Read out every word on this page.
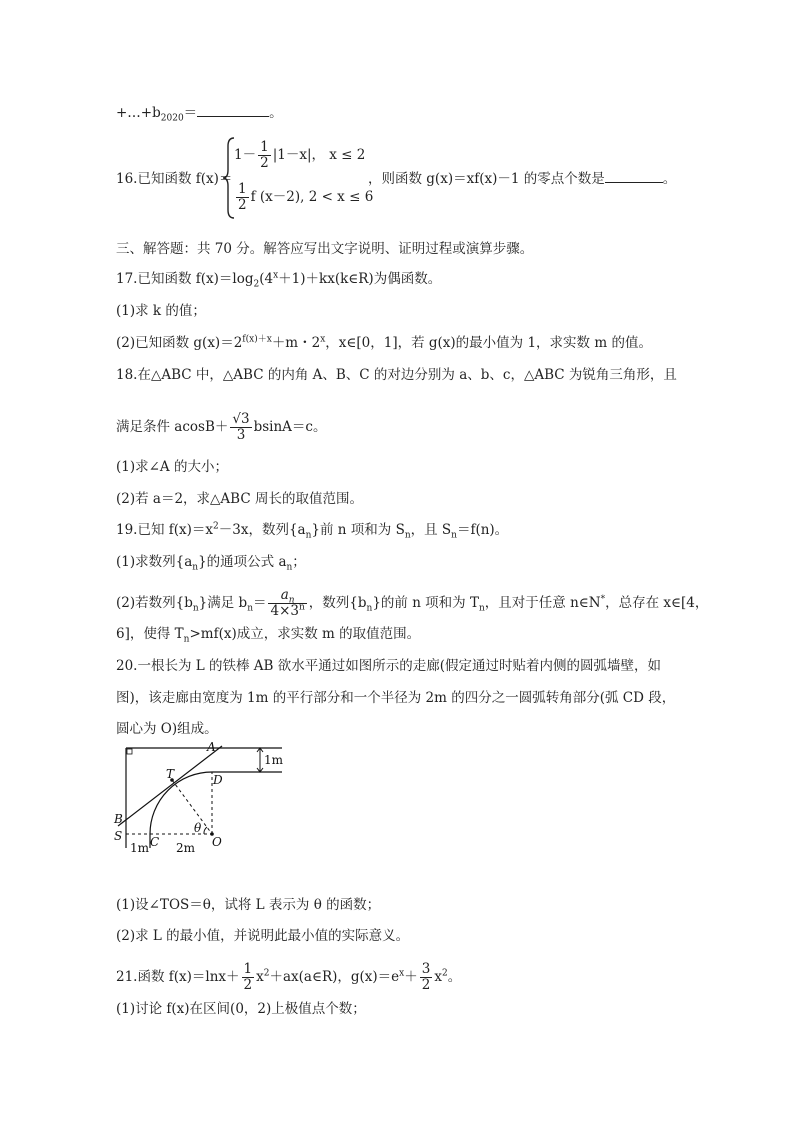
$+\dots+b_{2020}=$	。
16.已知函数 f(x)＝
$1- \frac{1}{2} |1-x|$， x ≤ 2
$\frac{1}{2}$ f (x－2), 2 < x ≤ 6
，则函数 g(x)＝xf(x)－1 的零点个数是	。
三、解答题：共 70 分。解答应写出文字说明、证明过程或演算步骤。
17.已知函数 $f(x)=\log_2(4^x+1)+kx(k\in R)$为偶函数。
(1)求 k 的值；
(2)已知函数 $g(x)=2^{f(x)+x}+m$・2$^x$，x∈[0，1]，若 g(x)的最小值为 1，求实数 m 的值。
18.在△ABC 中，△ABC 的内角 A、B、C 的对边分别为 a、b、c，△ABC 为锐角三角形，且
满足条件 $acosB+ \frac{√3}{3} bsinA=c$。
(1)求∠A 的大小；
(2)若 a＝2，求△ABC 周长的取值范围。
19.已知 $f(x)=x^2-3x$，数列$\{a_n\}$前 n 项和为 $S_n$，且 $S_n=f(n)$。
(1)求数列$\{a_n\}$的通项公式 $a_n$；
(2)若数列$\{b_n\}$满足 $b_n= \frac{a_n}{4\times 3^n}$ ，数列$\{b_n\}$的前 n 项和为 $T_n$，且对于任意 n∈N*，总存在 x∈[4，
6]，使得 $T_n>mf(x)$成立，求实数 m 的取值范围。
20.一根长为 L 的铁棒 AB 欲水平通过如图所示的走廊(假定通过时贴着内侧的圆弧墙壁，如
图)，该走廊由宽度为 1m 的平行部分和一个半径为 2m 的四分之一圆弧转角部分(弧 CD 段，
圆心为 O)组成。
A
T	D
B
S C	O
θ
1m
1m 2m
(1)设∠TOS＝θ，试将 L 表示为 θ 的函数；
(2)求 L 的最小值，并说明此最小值的实际意义。
21.函数 $f(x)=\ln x+ \frac{1}{2}$ $x^2+ax(a\in R)$，$g(x)=e^x+ \frac{3}{2} x^2$。
(1)讨论 f(x)在区间(0，2)上极值点个数；
